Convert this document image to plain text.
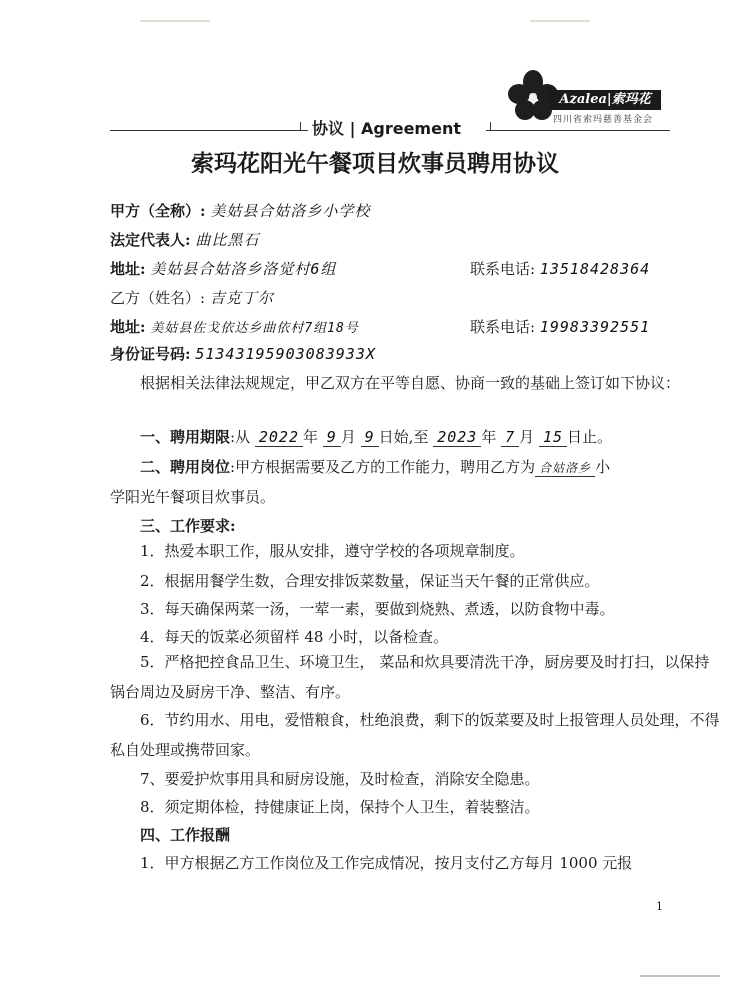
Azalea|索玛花
四川省索玛慈善基金会
协议 | Agreement
索玛花阳光午餐项目炊事员聘用协议
甲方（全称）: 美姑县合姑洛乡小学校
法定代表人: 曲比黑石
地址: 美姑县合姑洛乡洛觉村6组	联系电话: 13518428364
乙方（姓名）: 吉克丁尔
地址: 美姑县佐戈依达乡曲依村7组18号	联系电话: 19983392551
身份证号码: 51343195903083933X
根据相关法律法规规定，甲乙双方在平等自愿、协商一致的基础上签订如下协议：
一、聘用期限:从 2022 年 9 月 9 日始,至 2023 年 7 月 15 日止。
二、聘用岗位:甲方根据需要及乙方的工作能力，聘用乙方为 合姑洛乡 小
学阳光午餐项目炊事员。
三、工作要求:
1．热爱本职工作，服从安排，遵守学校的各项规章制度。
2．根据用餐学生数，合理安排饭菜数量，保证当天午餐的正常供应。
3．每天确保两菜一汤，一荤一素，要做到烧熟、煮透，以防食物中毒。
4．每天的饭菜必须留样 48 小时，以备检查。
5．严格把控食品卫生、环境卫生， 菜品和炊具要清洗干净，厨房要及时打扫，以保持锅台周边及厨房干净、整洁、有序。
6．节约用水、用电，爱惜粮食，杜绝浪费，剩下的饭菜要及时上报管理人员处理，不得私自处理或携带回家。
7、要爱护炊事用具和厨房设施，及时检查，消除安全隐患。
8．须定期体检，持健康证上岗，保持个人卫生，着装整洁。
四、工作报酬
1．甲方根据乙方工作岗位及工作完成情况，按月支付乙方每月 1000 元报
1
